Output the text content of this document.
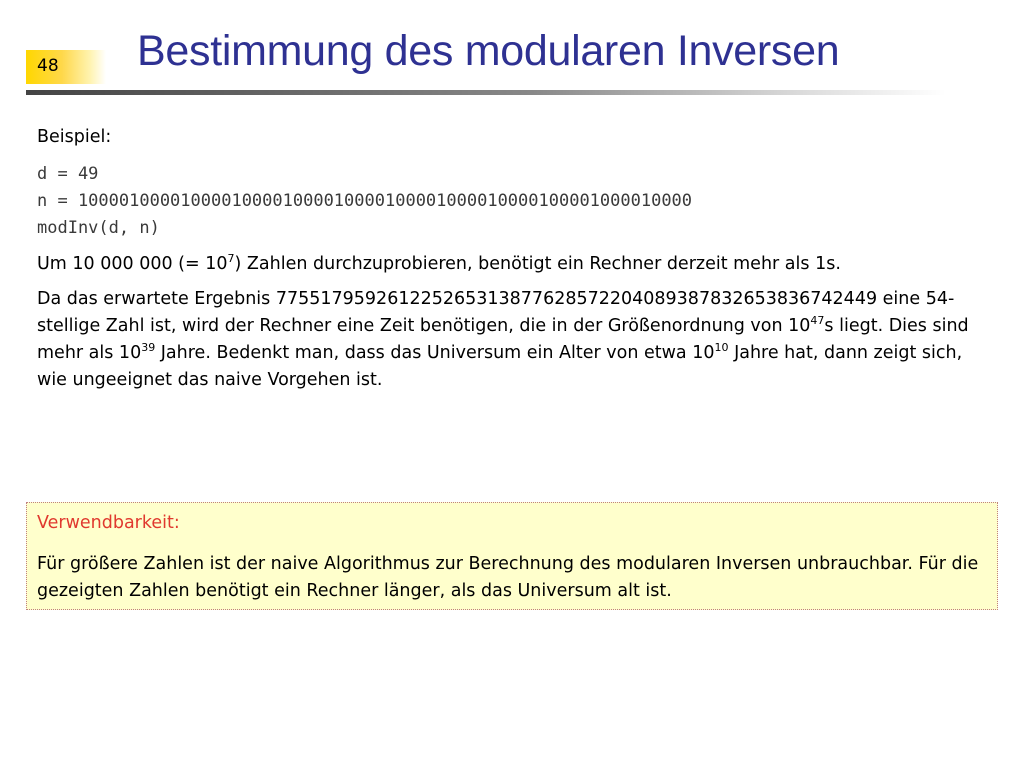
48 Bestimmung des modularen Inversen

Beispiel:

d = 49
n = 100001000010000100001000010000100001000010000100001000010000
modInv(d, n)

Um 10 000 000 (= $10^7$) Zahlen durchzuprobieren, benötigt ein Rechner derzeit mehr als 1s.

Da das erwartete Ergebnis 775517959261225265313877628572204089387832653836742449 eine 54-stellige Zahl ist, wird der Rechner eine Zeit benötigen, die in der Größenordnung von $10^{47}s$ liegt. Dies sind mehr als $10^{39}$ Jahre. Bedenkt man, dass das Universum ein Alter von etwa $10^{10}$ Jahre hat, dann zeigt sich, wie ungeeignet das naive Vorgehen ist.

Verwendbarkeit:
Für größere Zahlen ist der naive Algorithmus zur Berechnung des modularen Inversen unbrauchbar. Für die gezeigten Zahlen benötigt ein Rechner länger, als das Universum alt ist.
